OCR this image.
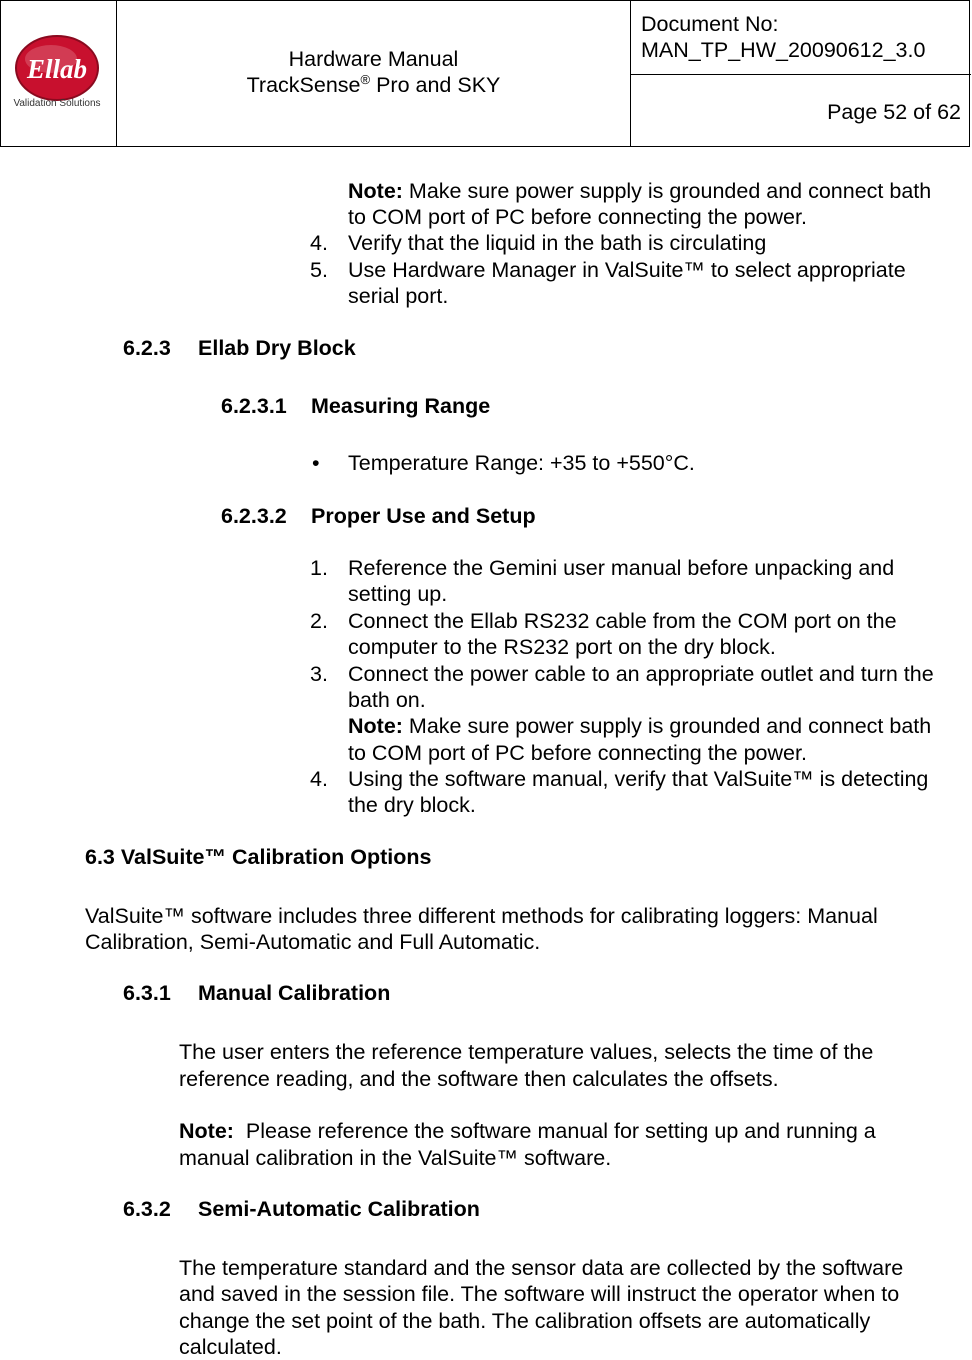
Ellab
Validation Solutions
Hardware Manual
TrackSense® Pro and SKY
Document No:
MAN_TP_HW_20090612_3.0
Page 52 of 62
Note: Make sure power supply is grounded and connect bath
to COM port of PC before connecting the power.
4. Verify that the liquid in the bath is circulating
5. Use Hardware Manager in ValSuite™ to select appropriate
serial port.
6.2.3 Ellab Dry Block
6.2.3.1 Measuring Range
• Temperature Range: +35 to +550°C.
6.2.3.2 Proper Use and Setup
1. Reference the Gemini user manual before unpacking and
setting up.
2. Connect the Ellab RS232 cable from the COM port on the
computer to the RS232 port on the dry block.
3. Connect the power cable to an appropriate outlet and turn the
bath on.
Note: Make sure power supply is grounded and connect bath
to COM port of PC before connecting the power.
4. Using the software manual, verify that ValSuite™ is detecting
the dry block.
6.3 ValSuite™ Calibration Options
ValSuite™ software includes three different methods for calibrating loggers: Manual
Calibration, Semi-Automatic and Full Automatic.
6.3.1 Manual Calibration
The user enters the reference temperature values, selects the time of the
reference reading, and the software then calculates the offsets.
Note:  Please reference the software manual for setting up and running a
manual calibration in the ValSuite™ software.
6.3.2 Semi-Automatic Calibration
The temperature standard and the sensor data are collected by the software
and saved in the session file. The software will instruct the operator when to
change the set point of the bath. The calibration offsets are automatically
calculated.
